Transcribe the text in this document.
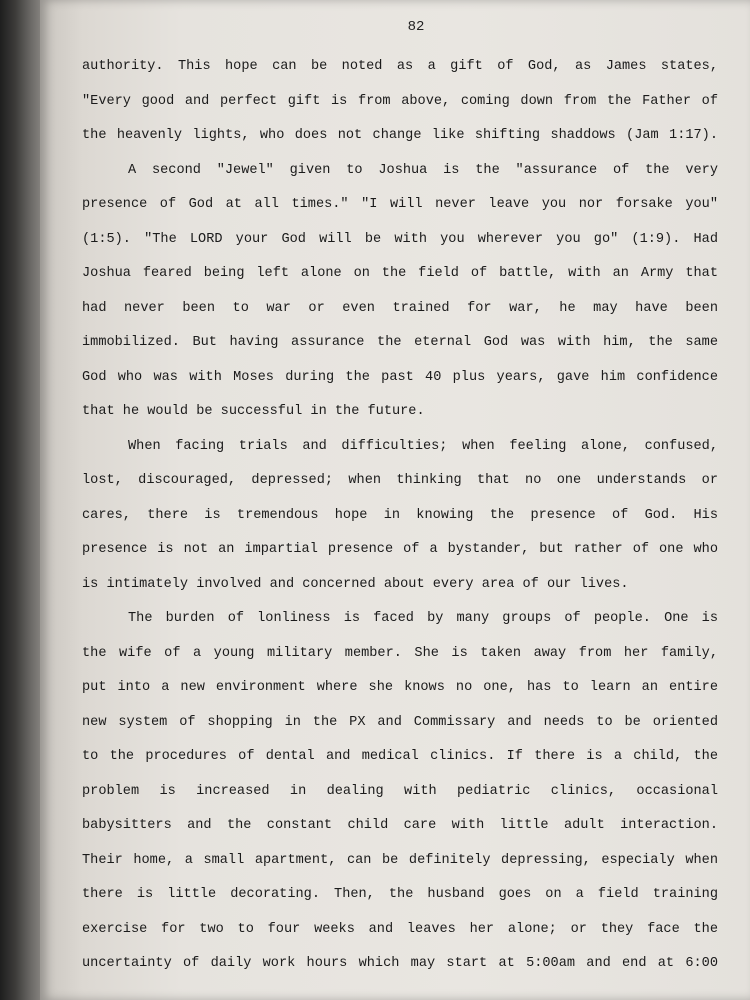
82
authority. This hope can be noted as a gift of God, as James states,
"Every good and perfect gift is from above, coming down from the Father of
the heavenly lights, who does not change like shifting shaddows (Jam 1:17).
A second "Jewel" given to Joshua is the "assurance of the very
presence of God at all times." "I will never leave you nor forsake you"
(1:5). "The LORD your God will be with you wherever you go" (1:9). Had
Joshua feared being left alone on the field of battle, with an Army that
had never been to war or even trained for war, he may have been
immobilized. But having assurance the eternal God was with him, the same
God who was with Moses during the past 40 plus years, gave him confidence
that he would be successful in the future.
When facing trials and difficulties; when feeling alone, confused,
lost, discouraged, depressed; when thinking that no one understands or
cares, there is tremendous hope in knowing the presence of God. His
presence is not an impartial presence of a bystander, but rather of one who
is intimately involved and concerned about every area of our lives.
The burden of lonliness is faced by many groups of people. One is
the wife of a young military member. She is taken away from her family,
put into a new environment where she knows no one, has to learn an entire
new system of shopping in the PX and Commissary and needs to be oriented
to the procedures of dental and medical clinics. If there is a child, the
problem is increased in dealing with pediatric clinics, occasional
babysitters and the constant child care with little adult interaction.
Their home, a small apartment, can be definitely depressing, especialy when
there is little decorating. Then, the husband goes on a field training
exercise for two to four weeks and leaves her alone; or they face the
uncertainty of daily work hours which may start at 5:00am and end at 6:00
